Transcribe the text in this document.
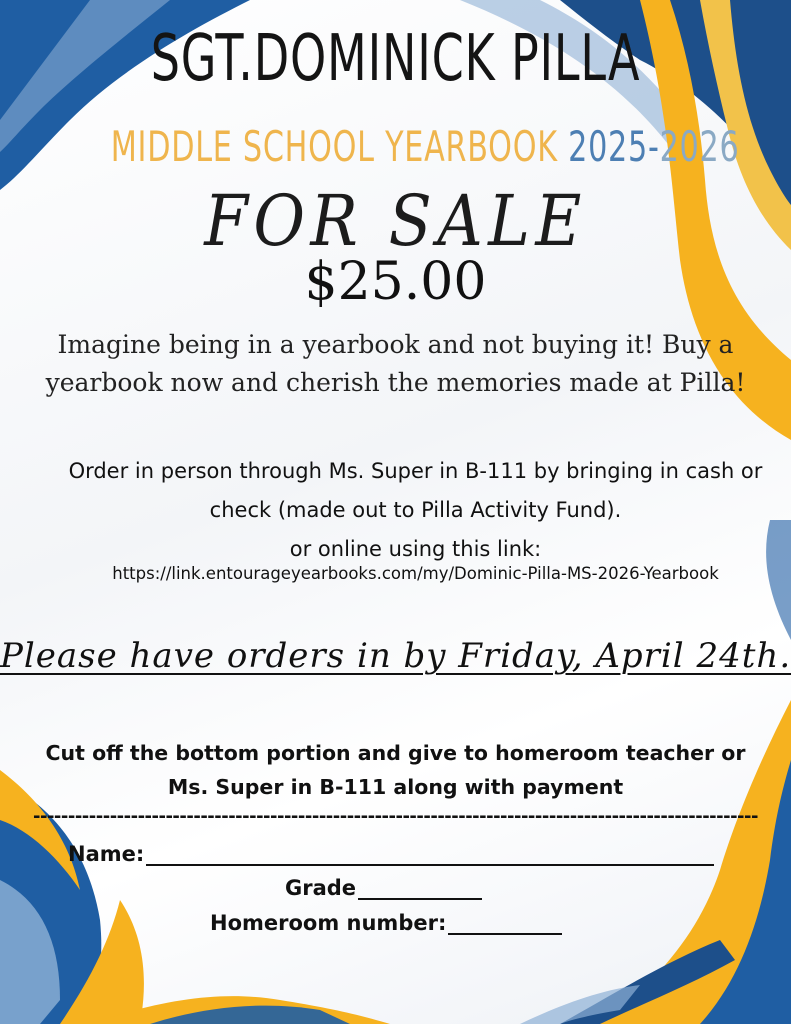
SGT.DOMINICK PILLA
MIDDLE SCHOOL YEARBOOK 2025-2026
FOR SALE
$25.00
Imagine being in a yearbook and not buying it! Buy a
yearbook now and cherish the memories made at Pilla!
Order in person through Ms. Super in B-111 by bringing in cash or
check (made out to Pilla Activity Fund).
or online using this link:
https://link.entourageyearbooks.com/my/Dominic-Pilla-MS-2026-Yearbook
Please have orders in by Friday, April 24th.
Cut off the bottom portion and give to homeroom teacher or
Ms. Super in B-111 along with payment
--------------------------------------------------------------------------------------------------------
Name:
Grade
Homeroom number:
